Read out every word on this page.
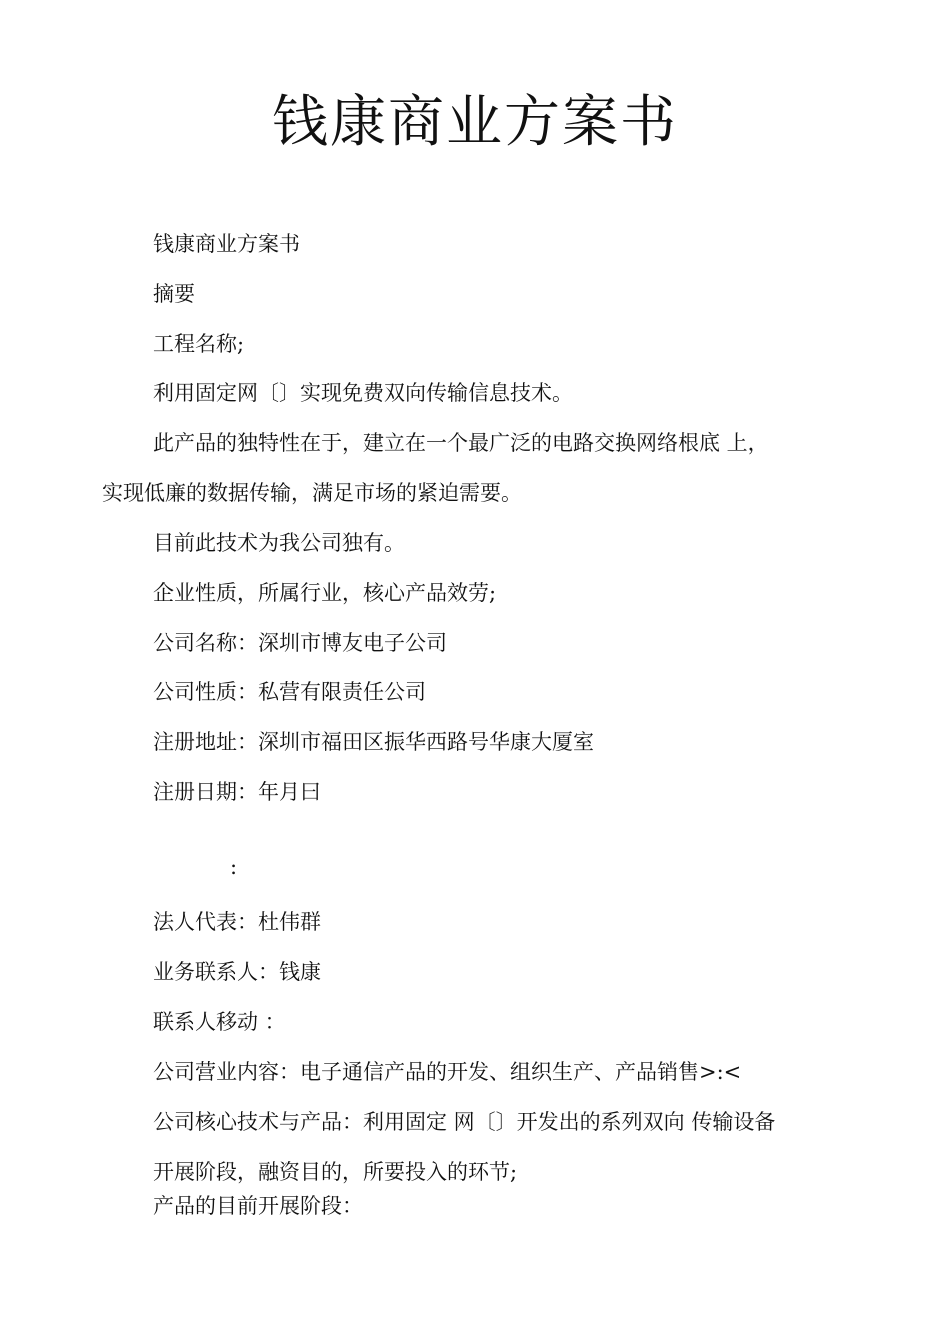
钱康商业方案书

钱康商业方案书

摘要

工程名称;

利用固定网〔〕实现免费双向传输信息技术。

此产品的独特性在于，建立在一个最广泛的电路交换网络根底 上，

实现低廉的数据传输，满足市场的紧迫需要。

目前此技术为我公司独有。

企业性质，所属行业，核心产品效劳;

公司名称：深圳市博友电子公司

公司性质：私营有限责任公司

注册地址：深圳市福田区振华西路号华康大厦室

注册日期：年月曰

:

法人代表：杜伟群

业务联系人：钱康

联系人移动 ：

公司营业内容：电子通信产品的开发、组织生产、产品销售>:<

公司核心技术与产品：利用固定 网〔〕开发出的系列双向 传输设备

开展阶段，融资目的，所要投入的环节;

产品的目前开展阶段：
